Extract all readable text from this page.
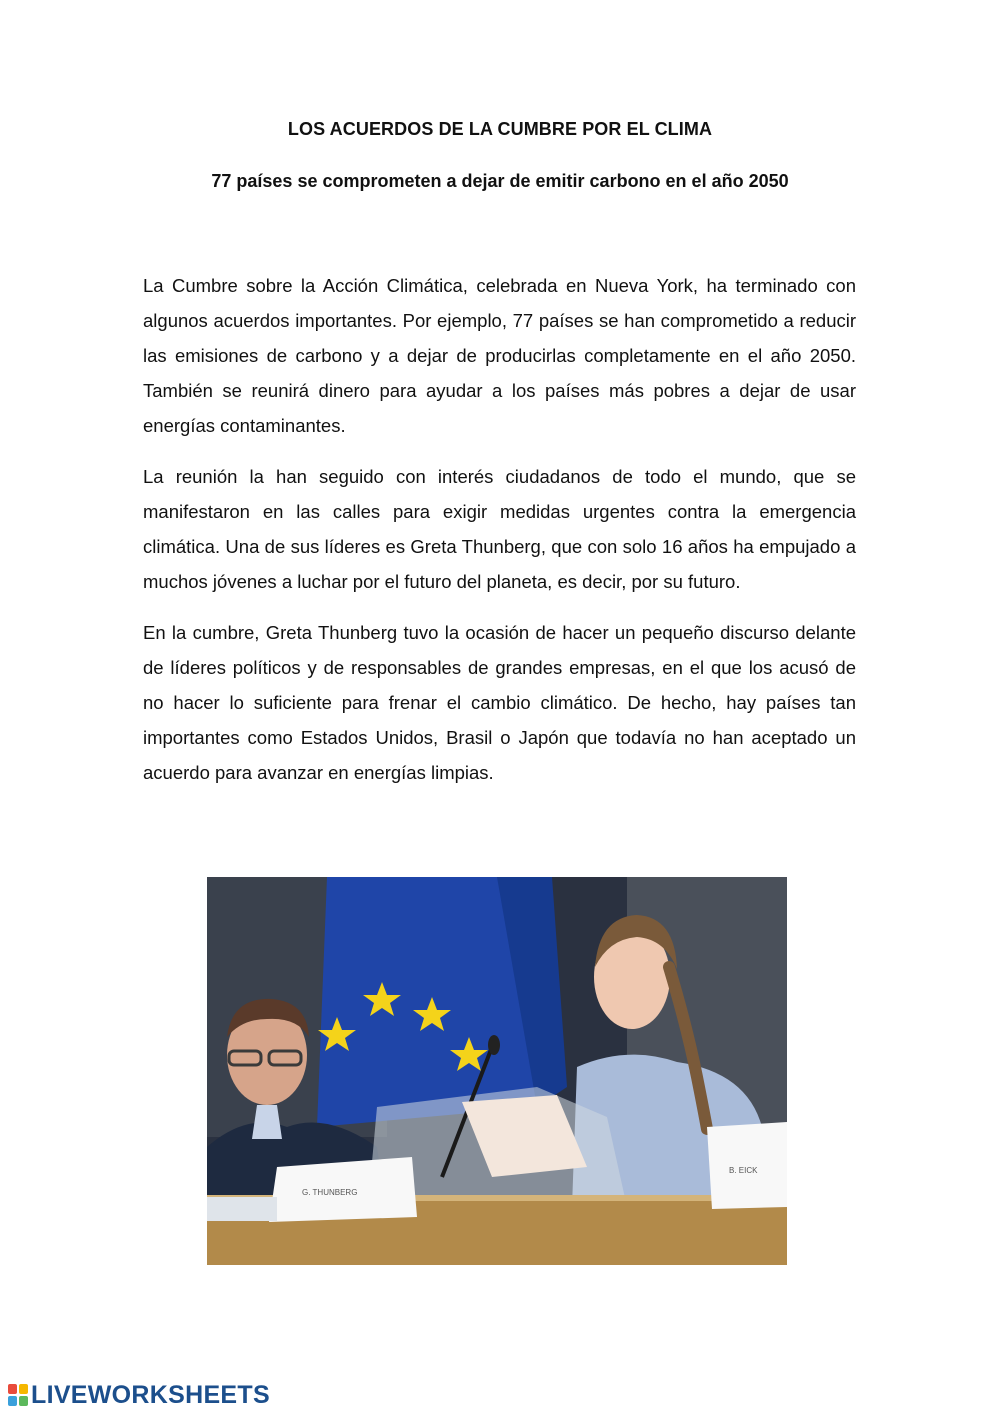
LOS ACUERDOS DE LA CUMBRE POR EL CLIMA
77 países se comprometen a dejar de emitir carbono en el año 2050

La Cumbre sobre la Acción Climática, celebrada en Nueva York, ha terminado con algunos acuerdos importantes. Por ejemplo, 77 países se han comprometido a reducir las emisiones de carbono y a dejar de producirlas completamente en el año 2050. También se reunirá dinero para ayudar a los países más pobres a dejar de usar energías contaminantes.

La reunión la han seguido con interés ciudadanos de todo el mundo, que se manifestaron en las calles para exigir medidas urgentes contra la emergencia climática. Una de sus líderes es Greta Thunberg, que con solo 16 años ha empujado a muchos jóvenes a luchar por el futuro del planeta, es decir, por su futuro.

En la cumbre, Greta Thunberg tuvo la ocasión de hacer un pequeño discurso delante de líderes políticos y de responsables de grandes empresas, en el que los acusó de no hacer lo suficiente para frenar el cambio climático. De hecho, hay países tan importantes como Estados Unidos, Brasil o Japón que todavía no han aceptado un acuerdo para avanzar en energías limpias.

G. THUNBERG
B. EICK
LIVEWORKSHEETS
